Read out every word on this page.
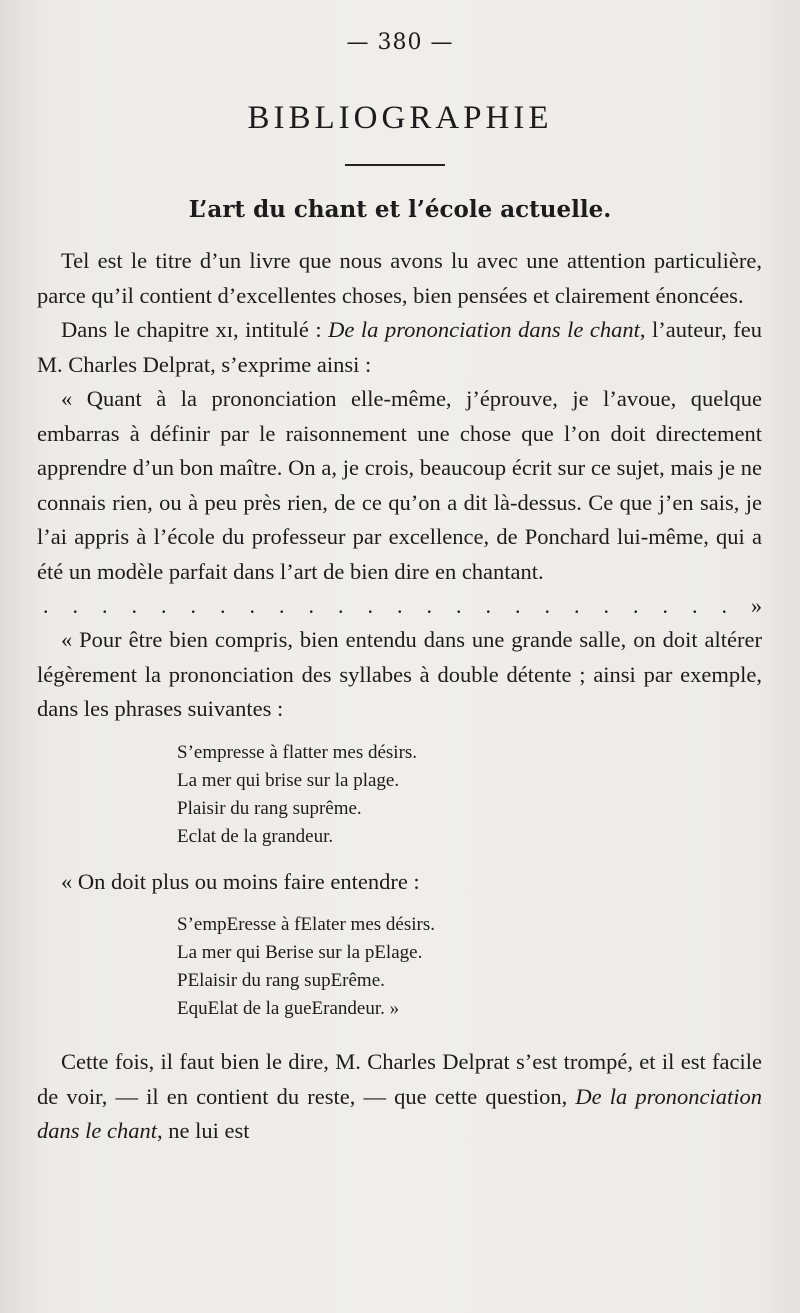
— 380 —
BIBLIOGRAPHIE
L’art du chant et l’école actuelle.

Tel est le titre d’un livre que nous avons lu avec une attention particulière, parce qu’il contient d’excellentes choses, bien pensées et clairement énoncées.

Dans le chapitre xɪ, intitulé : De la prononciation dans le chant, l’auteur, feu M. Charles Delprat, s’exprime ainsi :

« Quant à la prononciation elle-même, j’éprouve, je l’avoue, quelque embarras à définir par le raisonnement une chose que l’on doit directement apprendre d’un bon maître. On a, je crois, beaucoup écrit sur ce sujet, mais je ne connais rien, ou à peu près rien, de ce qu’on a dit là-dessus. Ce que j’en sais, je l’ai appris à l’école du professeur par excellence, de Ponchard lui-même, qui a été un modèle parfait dans l’art de bien dire en chantant.

. . . . . . . . . . . . . . . . . . . . . . . . »

« Pour être bien compris, bien entendu dans une grande salle, on doit altérer légèrement la prononciation des syllabes à double détente ; ainsi par exemple, dans les phrases suivantes :

S’empresse à flatter mes désirs.
La mer qui brise sur la plage.
Plaisir du rang suprême.
Eclat de la grandeur.

« On doit plus ou moins faire entendre :

S’empEresse à fElater mes désirs.
La mer qui Berise sur la pElage.
PElaisir du rang supErême.
EquElat de la gueErandeur. »

Cette fois, il faut bien le dire, M. Charles Delprat s’est trompé, et il est facile de voir, — il en contient du reste, — que cette question, De la prononciation dans le chant, ne lui est
